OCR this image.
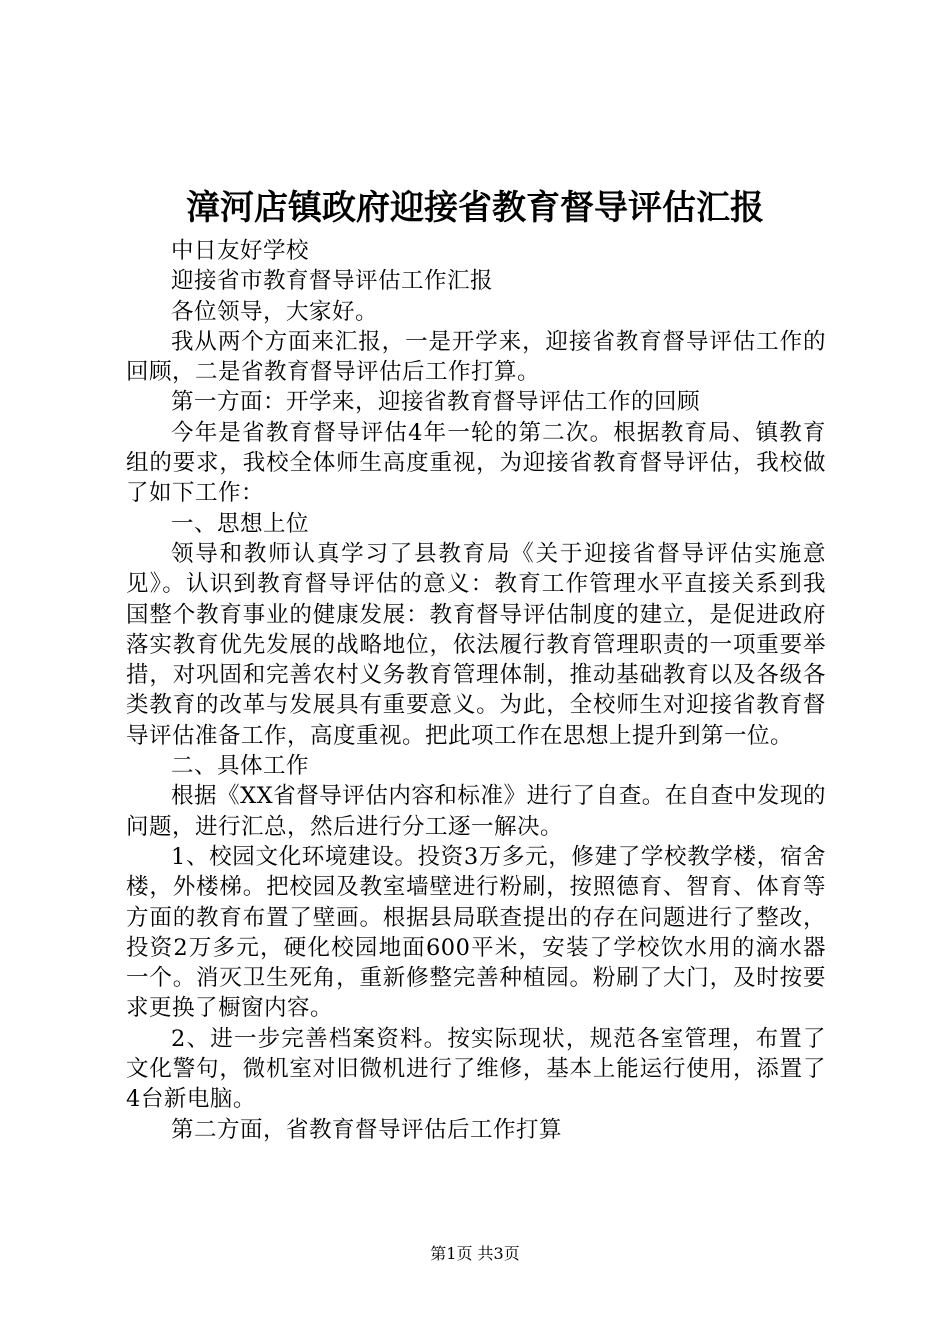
漳河店镇政府迎接省教育督导评估汇报

中日友好学校

迎接省市教育督导评估工作汇报

各位领导，大家好。

我从两个方面来汇报，一是开学来，迎接省教育督导评估工作的回顾，二是省教育督导评估后工作打算。

第一方面：开学来，迎接省教育督导评估工作的回顾

今年是省教育督导评估4年一轮的第二次。根据教育局、镇教育组的要求，我校全体师生高度重视，为迎接省教育督导评估，我校做了如下工作：

一、思想上位

领导和教师认真学习了县教育局《关于迎接省督导评估实施意见》。认识到教育督导评估的意义：教育工作管理水平直接关系到我国整个教育事业的健康发展：教育督导评估制度的建立，是促进政府落实教育优先发展的战略地位，依法履行教育管理职责的一项重要举措，对巩固和完善农村义务教育管理体制，推动基础教育以及各级各类教育的改革与发展具有重要意义。为此，全校师生对迎接省教育督导评估准备工作，高度重视。把此项工作在思想上提升到第一位。

二、具体工作

根据《XX省督导评估内容和标准》进行了自查。在自查中发现的问题，进行汇总，然后进行分工逐一解决。

1、校园文化环境建设。投资3万多元，修建了学校教学楼，宿舍楼，外楼梯。把校园及教室墙壁进行粉刷，按照德育、智育、体育等方面的教育布置了壁画。根据县局联查提出的存在问题进行了整改，投资2万多元，硬化校园地面600平米，安装了学校饮水用的滴水器一个。消灭卫生死角，重新修整完善种植园。粉刷了大门，及时按要求更换了橱窗内容。

2、进一步完善档案资料。按实际现状，规范各室管理，布置了文化警句，微机室对旧微机进行了维修，基本上能运行使用，添置了4台新电脑。

第二方面，省教育督导评估后工作打算

第1页 共3页
